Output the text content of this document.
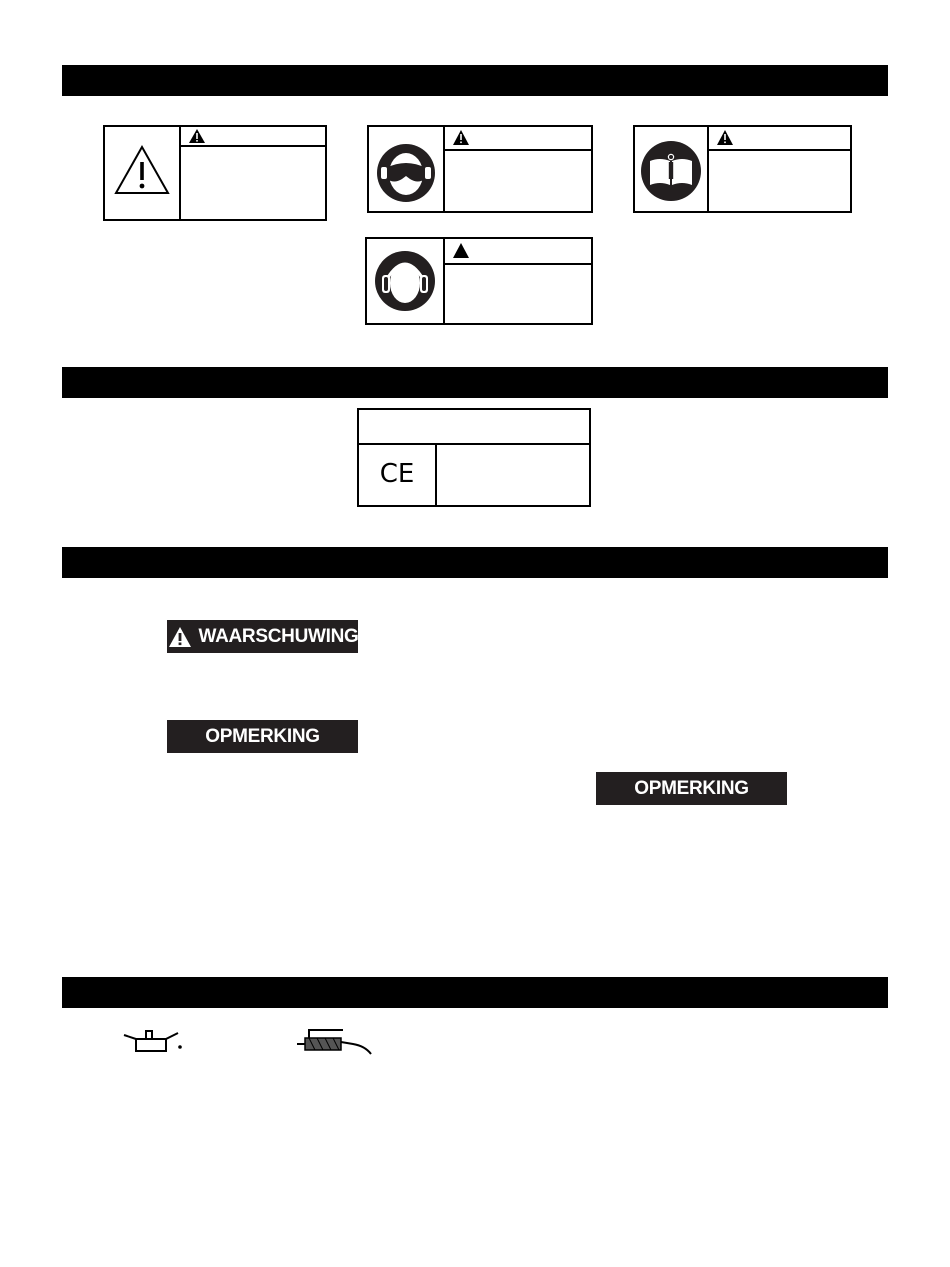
CE
WAARSCHUWING
OPMERKING
OPMERKING
